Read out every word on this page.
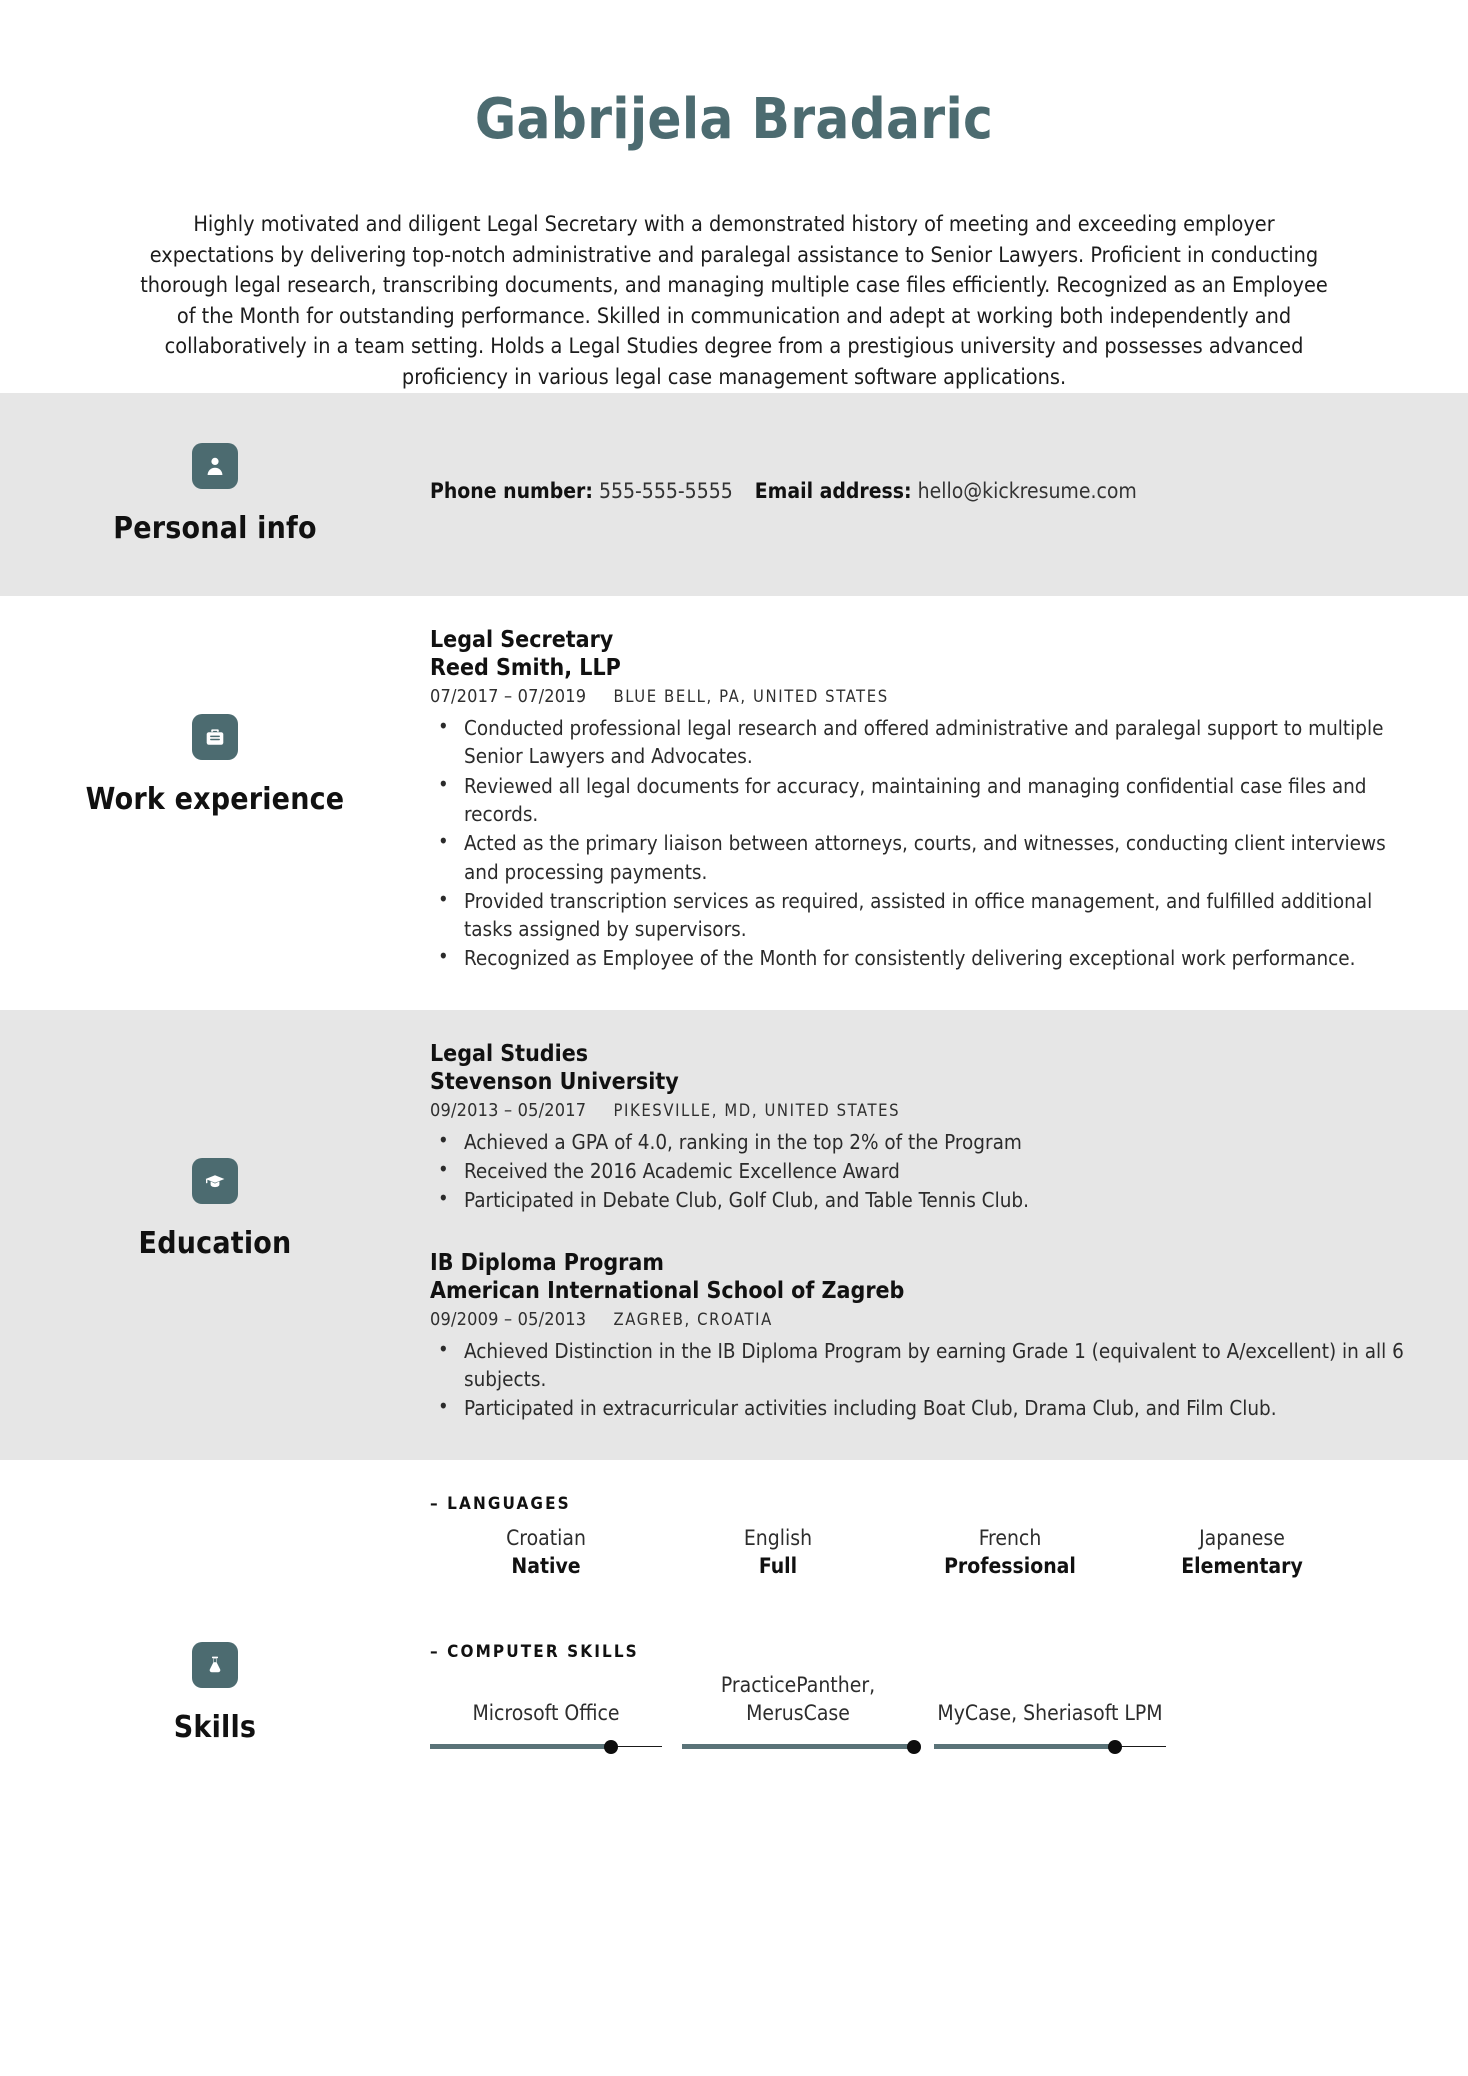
Gabrijela Bradaric

Highly motivated and diligent Legal Secretary with a demonstrated history of meeting and exceeding employer expectations by delivering top-notch administrative and paralegal assistance to Senior Lawyers. Proficient in conducting thorough legal research, transcribing documents, and managing multiple case files efficiently. Recognized as an Employee of the Month for outstanding performance. Skilled in communication and adept at working both independently and collaboratively in a team setting. Holds a Legal Studies degree from a prestigious university and possesses advanced proficiency in various legal case management software applications.

Personal info
Phone number: 555-555-5555 Email address: hello@kickresume.com
Work experience
Legal Secretary
Reed Smith, LLP
07/2017 – 07/2019 BLUE BELL, PA, UNITED STATES
• Conducted professional legal research and offered administrative and paralegal support to multiple Senior Lawyers and Advocates.
• Reviewed all legal documents for accuracy, maintaining and managing confidential case files and records.
• Acted as the primary liaison between attorneys, courts, and witnesses, conducting client interviews and processing payments.
• Provided transcription services as required, assisted in office management, and fulfilled additional tasks assigned by supervisors.
• Recognized as Employee of the Month for consistently delivering exceptional work performance.
Education
Legal Studies
Stevenson University
09/2013 – 05/2017 PIKESVILLE, MD, UNITED STATES
• Achieved a GPA of 4.0, ranking in the top 2% of the Program
• Received the 2016 Academic Excellence Award
• Participated in Debate Club, Golf Club, and Table Tennis Club.
IB Diploma Program
American International School of Zagreb
09/2009 – 05/2013 ZAGREB, CROATIA
• Achieved Distinction in the IB Diploma Program by earning Grade 1 (equivalent to A/excellent) in all 6 subjects.
• Participated in extracurricular activities including Boat Club, Drama Club, and Film Club.
Skills
– LANGUAGES
Croatian
Native
English
Full
French
Professional
Japanese
Elementary
– COMPUTER SKILLS
Microsoft Office
PracticePanther, MerusCase	MyCase, Sheriasoft LPM
